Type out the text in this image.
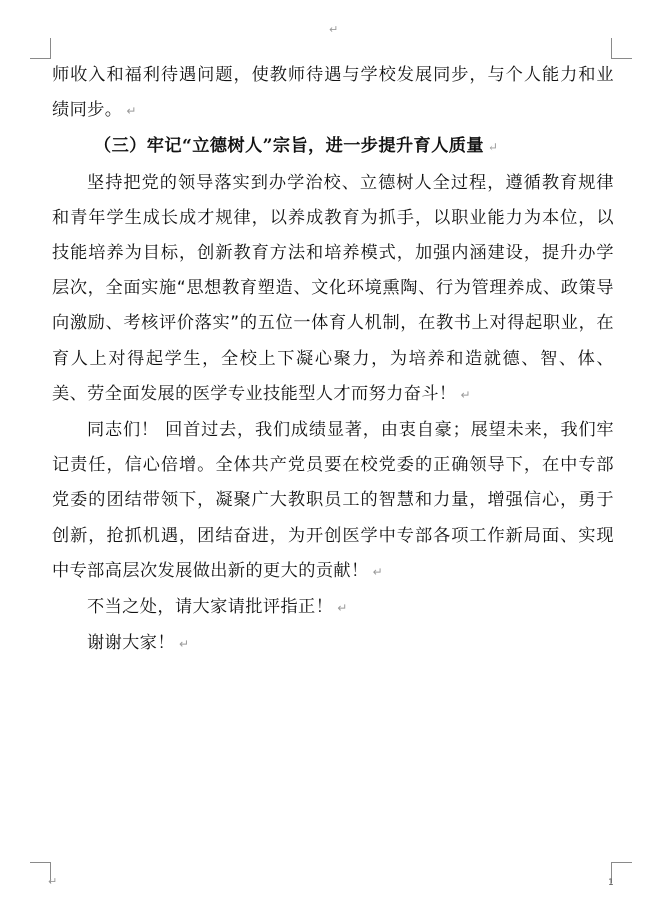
↵
↵	1

师收入和福利待遇问题，使教师待遇与学校发展同步，与个人能力和业绩同步。 ↵

（三）牢记“立德树人”宗旨，进一步提升育人质量 ↵

坚持把党的领导落实到办学治校、立德树人全过程，遵循教育规律和青年学生成长成才规律，以养成教育为抓手，以职业能力为本位，以技能培养为目标，创新教育方法和培养模式，加强内涵建设，提升办学层次，全面实施“思想教育塑造、文化环境熏陶、行为管理养成、政策导向激励、考核评价落实”的五位一体育人机制，在教书上对得起职业，在育人上对得起学生，全校上下凝心聚力，为培养和造就德、智、体、美、劳全面发展的医学专业技能型人才而努力奋斗！ ↵

同志们！ 回首过去，我们成绩显著，由衷自豪；展望未来，我们牢记责任，信心倍增。全体共产党员要在校党委的正确领导下，在中专部党委的团结带领下，凝聚广大教职员工的智慧和力量，增强信心，勇于创新，抢抓机遇，团结奋进，为开创医学中专部各项工作新局面、实现中专部高层次发展做出新的更大的贡献！ ↵

不当之处，请大家请批评指正！ ↵

谢谢大家！ ↵
